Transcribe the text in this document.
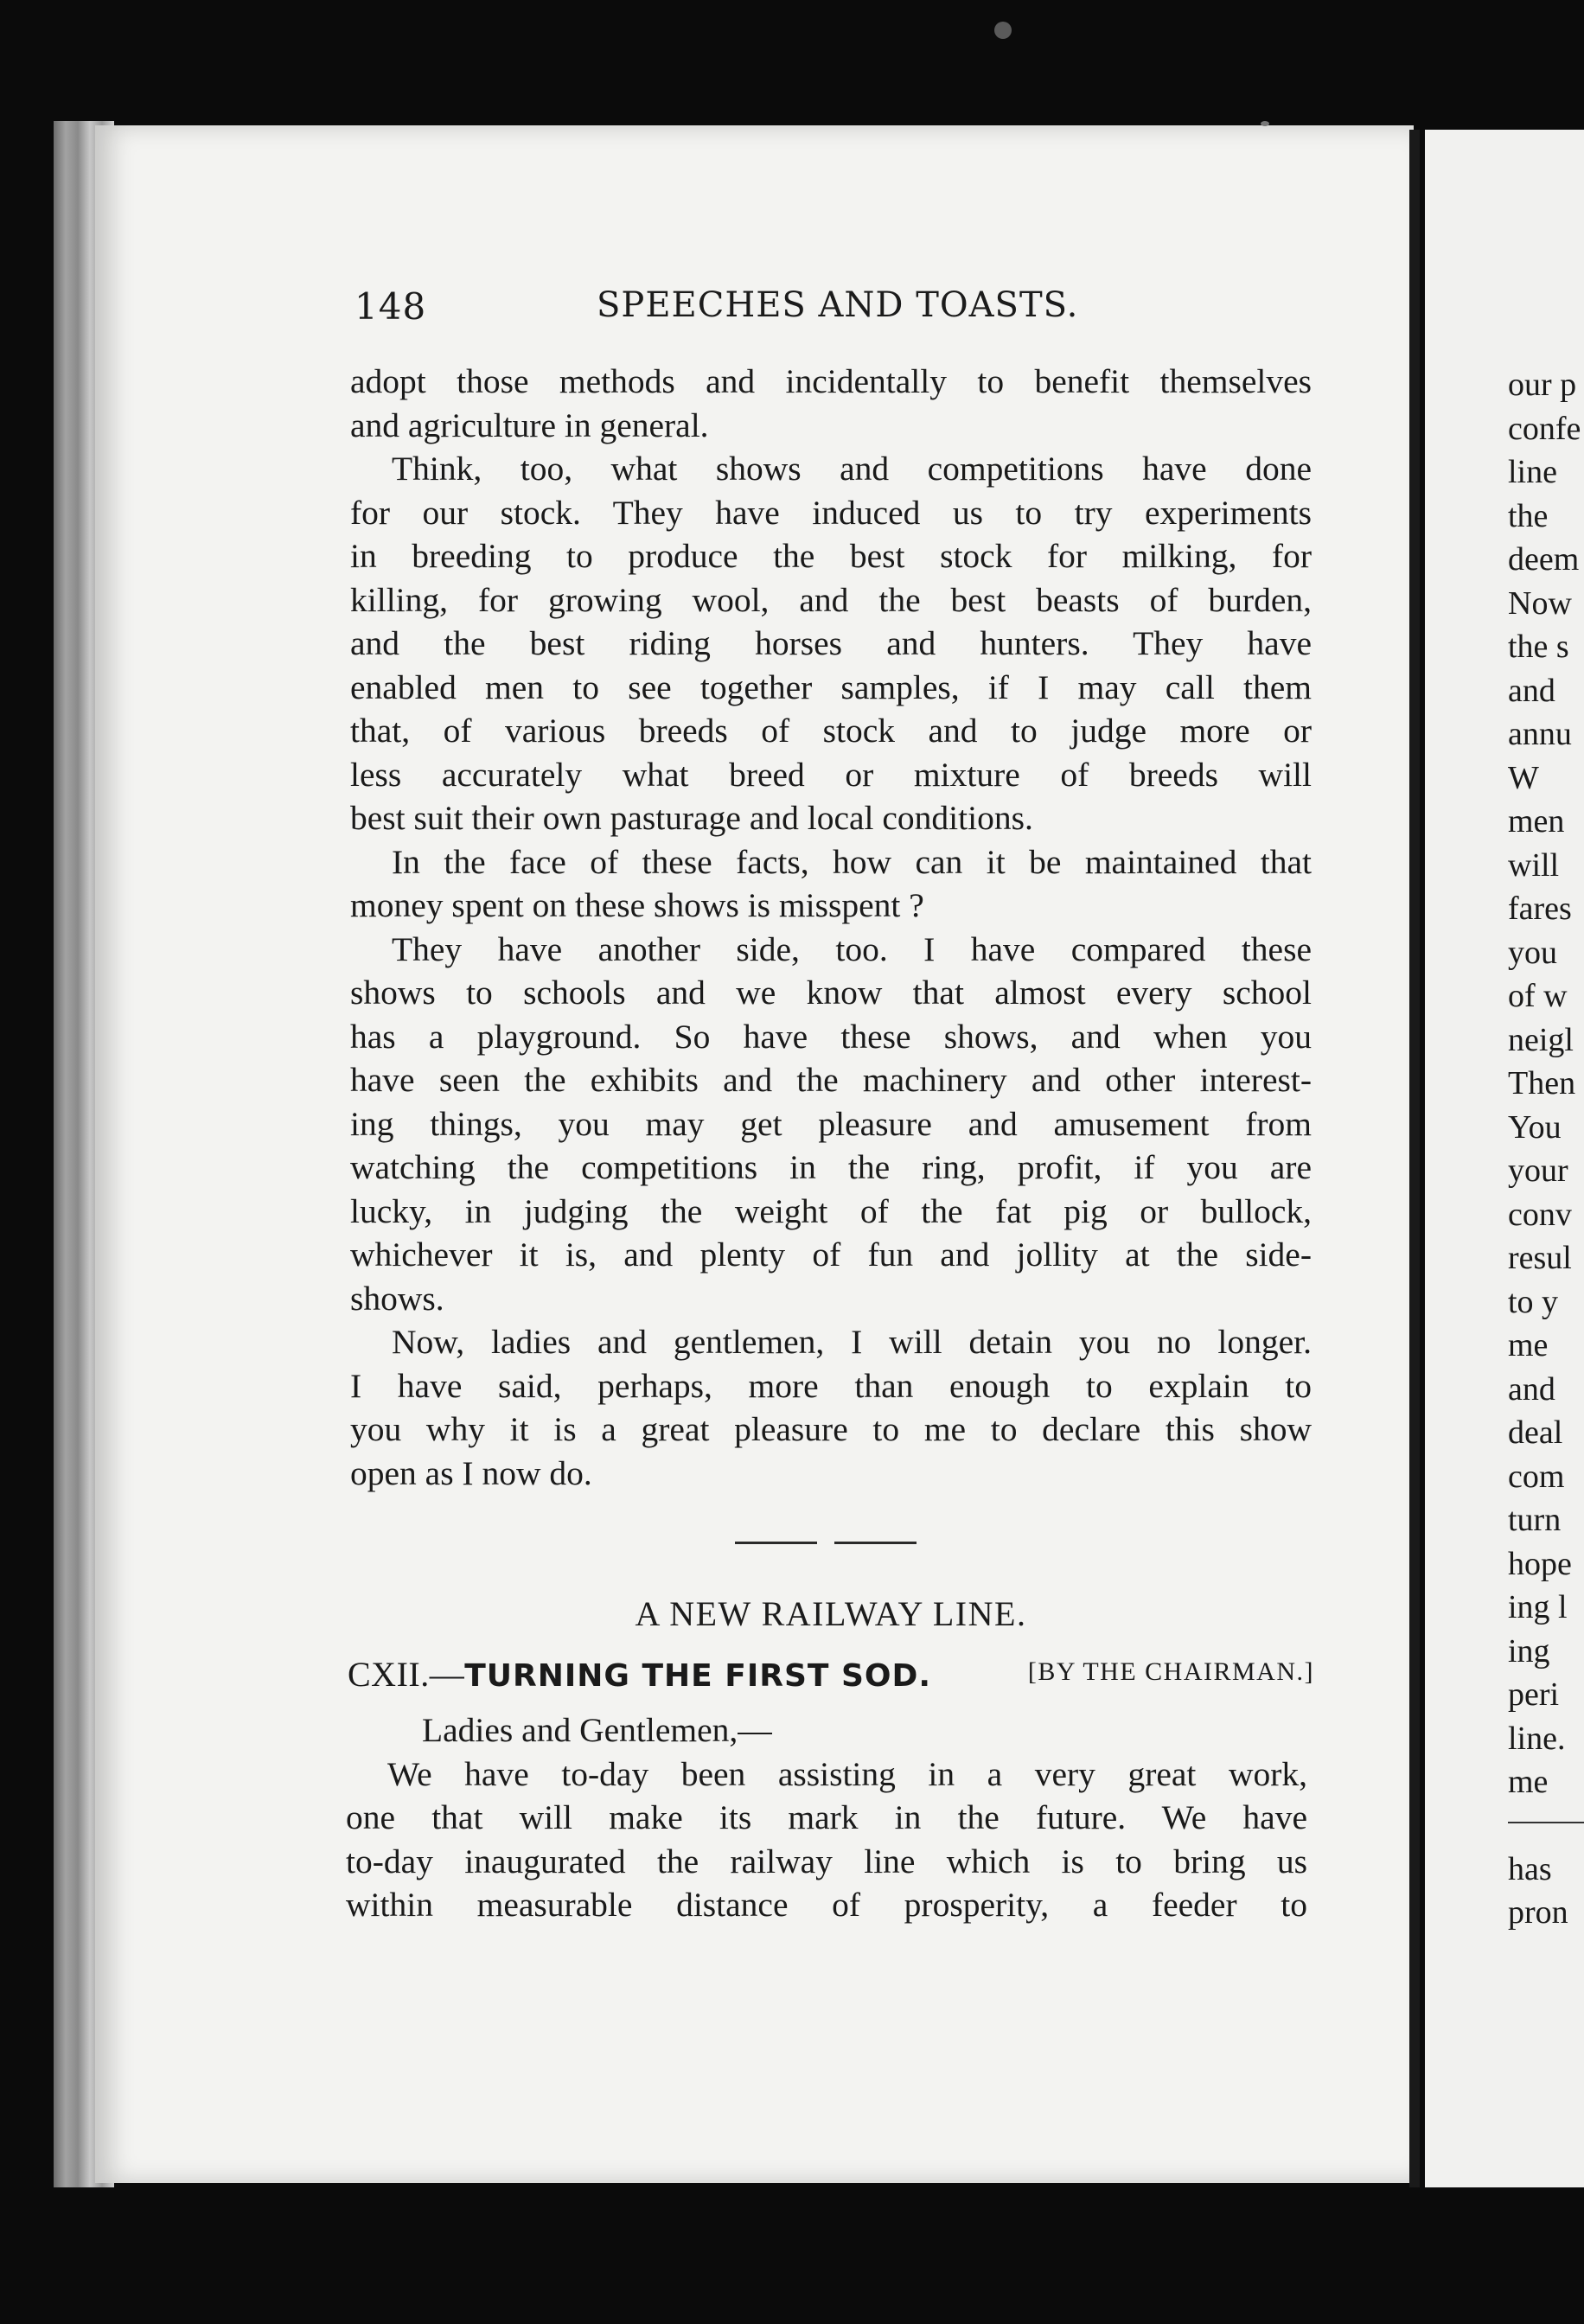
148	SPEECHES AND TOASTS.
adopt those methods and incidentally to benefit themselves
and agriculture in general.
Think, too, what shows and competitions have done
for our stock. They have induced us to try experiments
in breeding to produce the best stock for milking, for
killing, for growing wool, and the best beasts of burden,
and the best riding horses and hunters. They have
enabled men to see together samples, if I may call them
that, of various breeds of stock and to judge more or
less accurately what breed or mixture of breeds will
best suit their own pasturage and local conditions.
In the face of these facts, how can it be maintained that
money spent on these shows is misspent ?
They have another side, too. I have compared these
shows to schools and we know that almost every school
has a playground. So have these shows, and when you
have seen the exhibits and the machinery and other interest-
ing things, you may get pleasure and amusement from
watching the competitions in the ring, profit, if you are
lucky, in judging the weight of the fat pig or bullock,
whichever it is, and plenty of fun and jollity at the side-
shows.
Now, ladies and gentlemen, I will detain you no longer.
I have said, perhaps, more than enough to explain to
you why it is a great pleasure to me to declare this show
open as I now do.
A NEW RAILWAY LINE.
CXII.—TURNING THE FIRST SOD.	[BY THE CHAIRMAN.]
Ladies and Gentlemen,—
We have to-day been assisting in a very great work,
one that will make its mark in the future. We have
to-day inaugurated the railway line which is to bring us
within measurable distance of prosperity, a feeder to
our p
confe
line
the
deem
Now
the s
and
annu
W
men
will
fares
you
of w
neigl
Then
You
your
conv
resul
to y
me
and
deal
com
turn
hope
ing l
ing
peri
line.
me
has
pron
